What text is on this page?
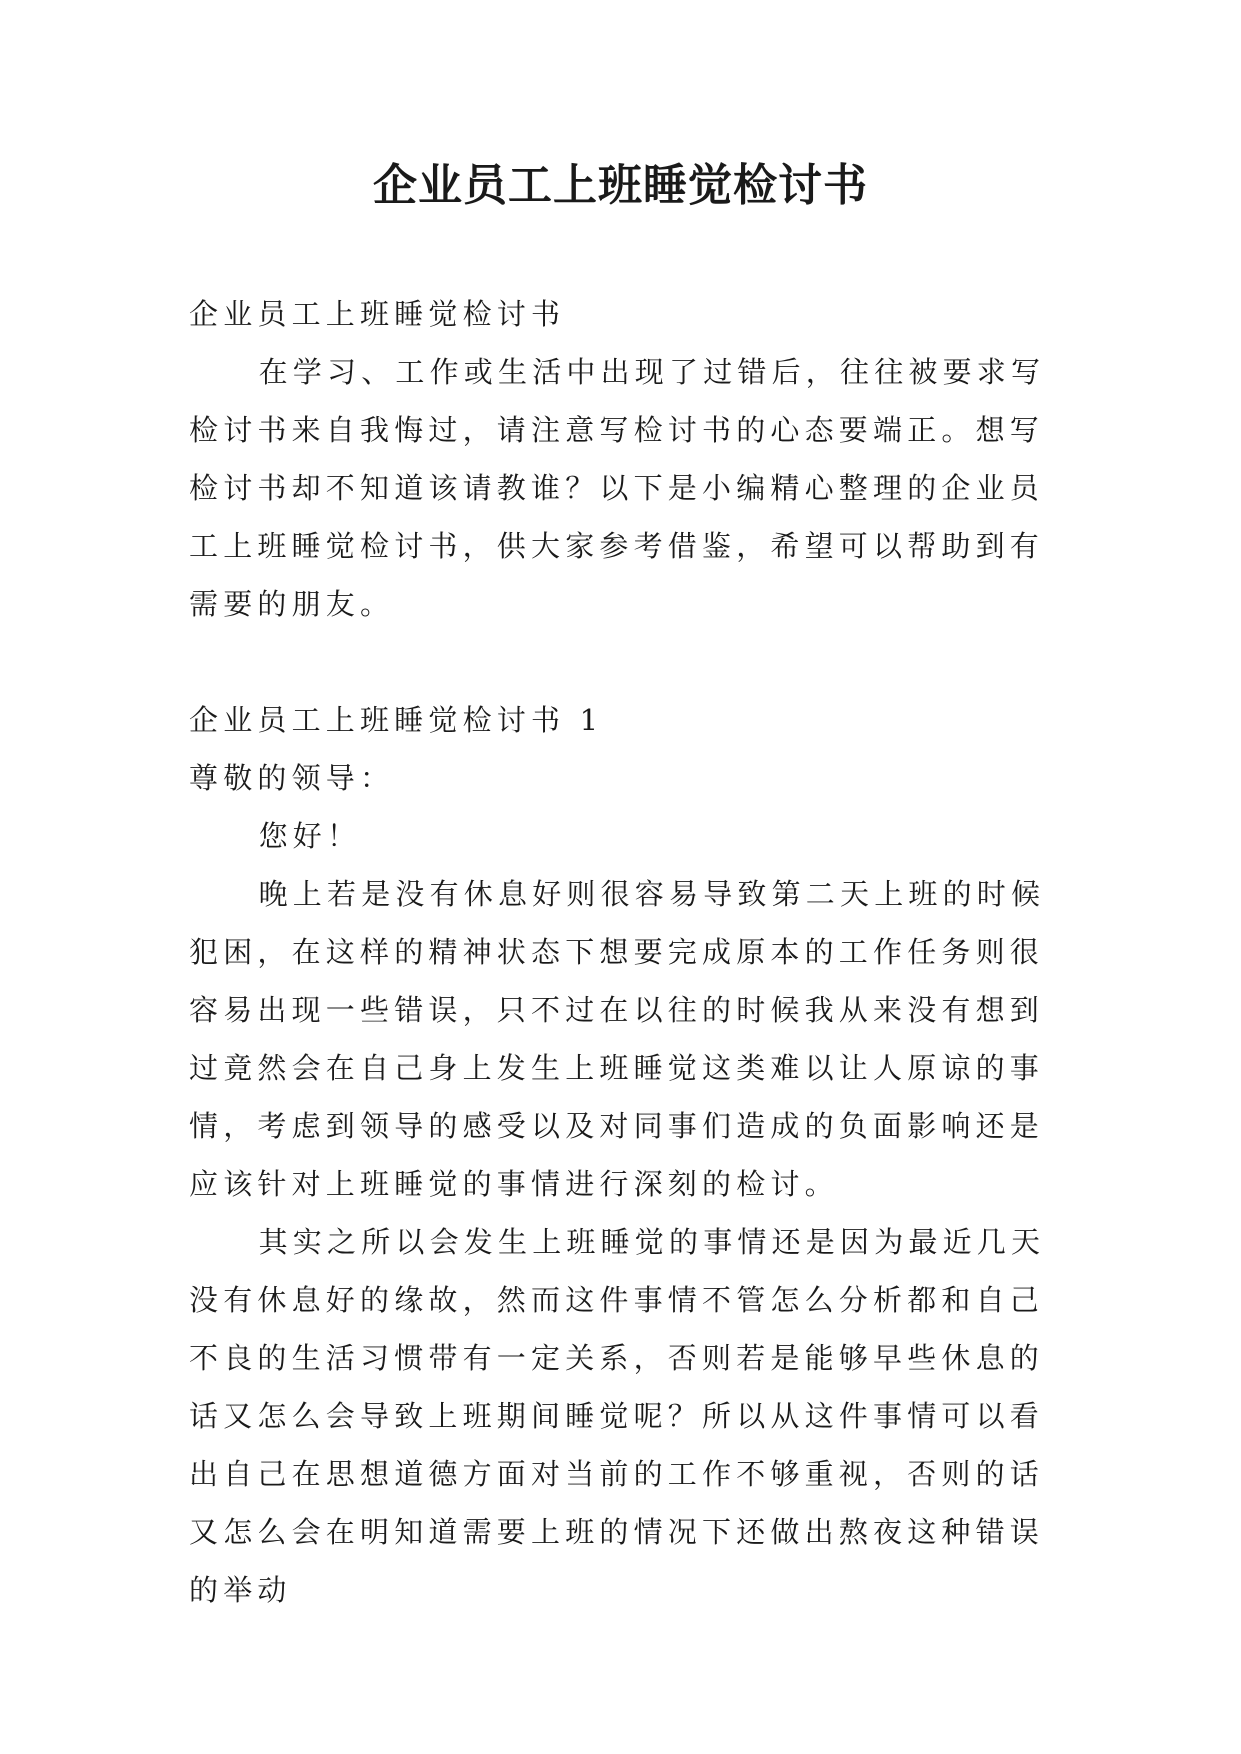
企业员工上班睡觉检讨书

企业员工上班睡觉检讨书

在学习、工作或生活中出现了过错后，往往被要求写检讨书来自我悔过，请注意写检讨书的心态要端正。想写检讨书却不知道该请教谁？以下是小编精心整理的企业员工上班睡觉检讨书，供大家参考借鉴，希望可以帮助到有需要的朋友。

企业员工上班睡觉检讨书 1

尊敬的领导：

您好！

晚上若是没有休息好则很容易导致第二天上班的时候犯困，在这样的精神状态下想要完成原本的工作任务则很容易出现一些错误，只不过在以往的时候我从来没有想到过竟然会在自己身上发生上班睡觉这类难以让人原谅的事情，考虑到领导的感受以及对同事们造成的负面影响还是应该针对上班睡觉的事情进行深刻的检讨。

其实之所以会发生上班睡觉的事情还是因为最近几天没有休息好的缘故，然而这件事情不管怎么分析都和自己不良的生活习惯带有一定关系，否则若是能够早些休息的话又怎么会导致上班期间睡觉呢？所以从这件事情可以看出自己在思想道德方面对当前的工作不够重视，否则的话又怎么会在明知道需要上班的情况下还做出熬夜这种错误的举动
